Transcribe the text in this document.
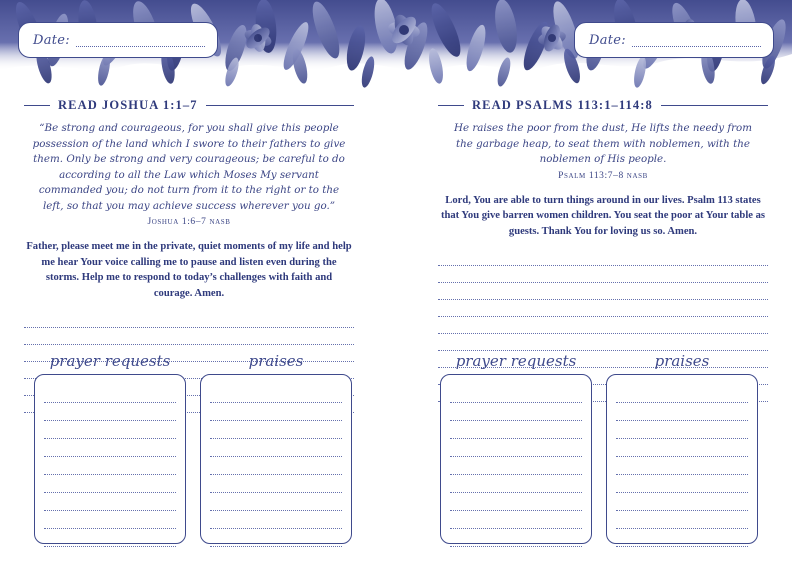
Date:	Date:
READ JOSHUA 1:1–7
“Be strong and courageous, for you shall give this people possession of the land which I swore to their fathers to give them. Only be strong and very courageous; be careful to do according to all the Law which Moses My servant commanded you; do not turn from it to the right or to the left, so that you may achieve success wherever you go.”
Joshua 1:6–7 nasb
Father, please meet me in the private, quiet moments of my life and help me hear Your voice calling me to pause and listen even during the storms. Help me to respond to today’s challenges with faith and courage. Amen.
prayer requests	praises
READ PSALMS 113:1–114:8
He raises the poor from the dust, He lifts the needy from the garbage heap, to seat them with noblemen, with the noblemen of His people.
Psalm 113:7–8 nasb
Lord, You are able to turn things around in our lives. Psalm 113 states that You give barren women children. You seat the poor at Your table as guests. Thank You for loving us so. Amen.
prayer requests	praises
